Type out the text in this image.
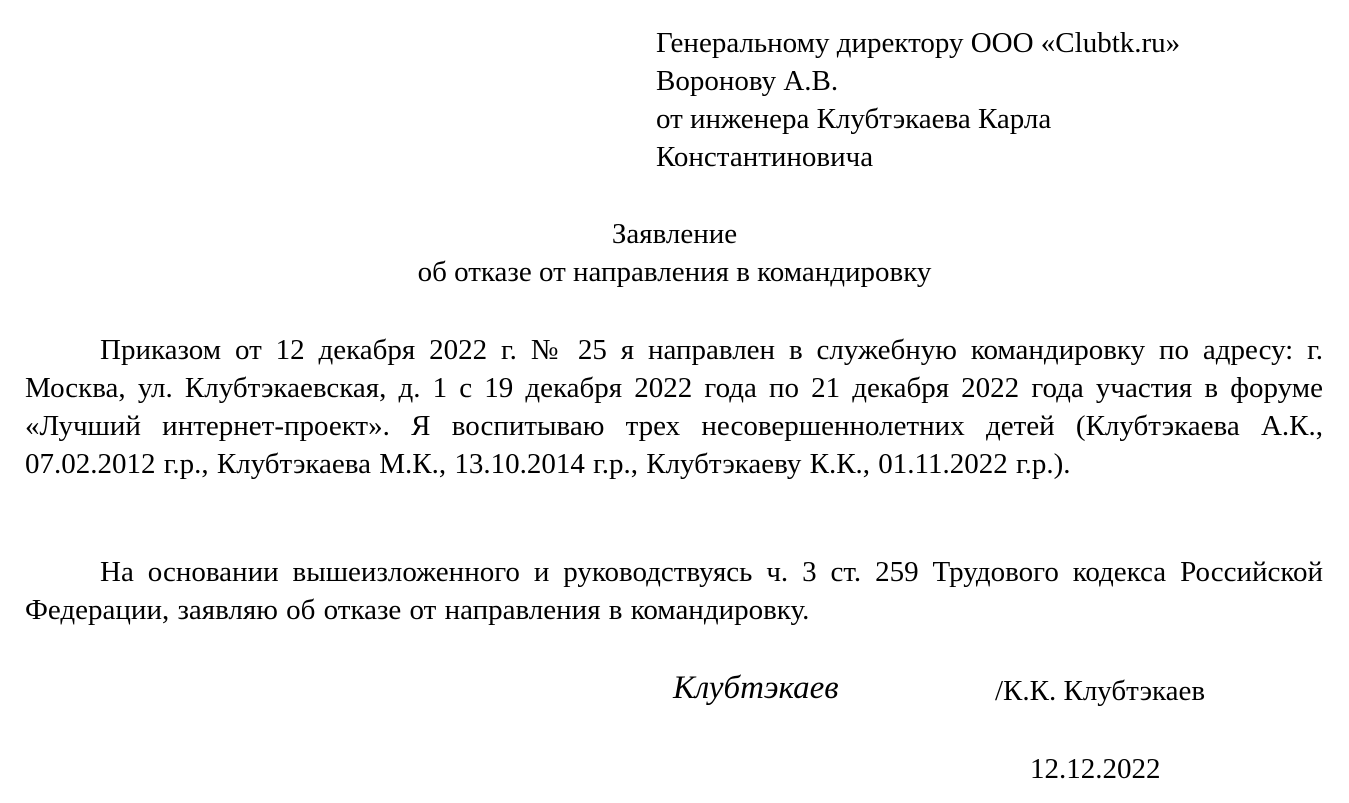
Генеральному директору ООО «Clubtk.ru»
Воронову А.В.
от инженера Клубтэкаева Карла
Константиновича
Заявление
об отказе от направления в командировку

Приказом от 12 декабря 2022 г. № 25 я направлен в служебную командировку по адресу: г. Москва, ул. Клубтэкаевская, д. 1 с 19 декабря 2022 года по 21 декабря 2022 года участия в форуме «Лучший интернет-проект». Я воспитываю трех несовершеннолетних детей (Клубтэкаева А.К., 07.02.2012 г.р., Клубтэкаева М.К., 13.10.2014 г.р., Клубтэкаеву К.К., 01.11.2022 г.р.).

На основании вышеизложенного и руководствуясь ч. 3 ст. 259 Трудового кодекса Российской Федерации, заявляю об отказе от направления в командировку.

Клубтэкаев	/К.К. Клубтэкаев
12.12.2022
